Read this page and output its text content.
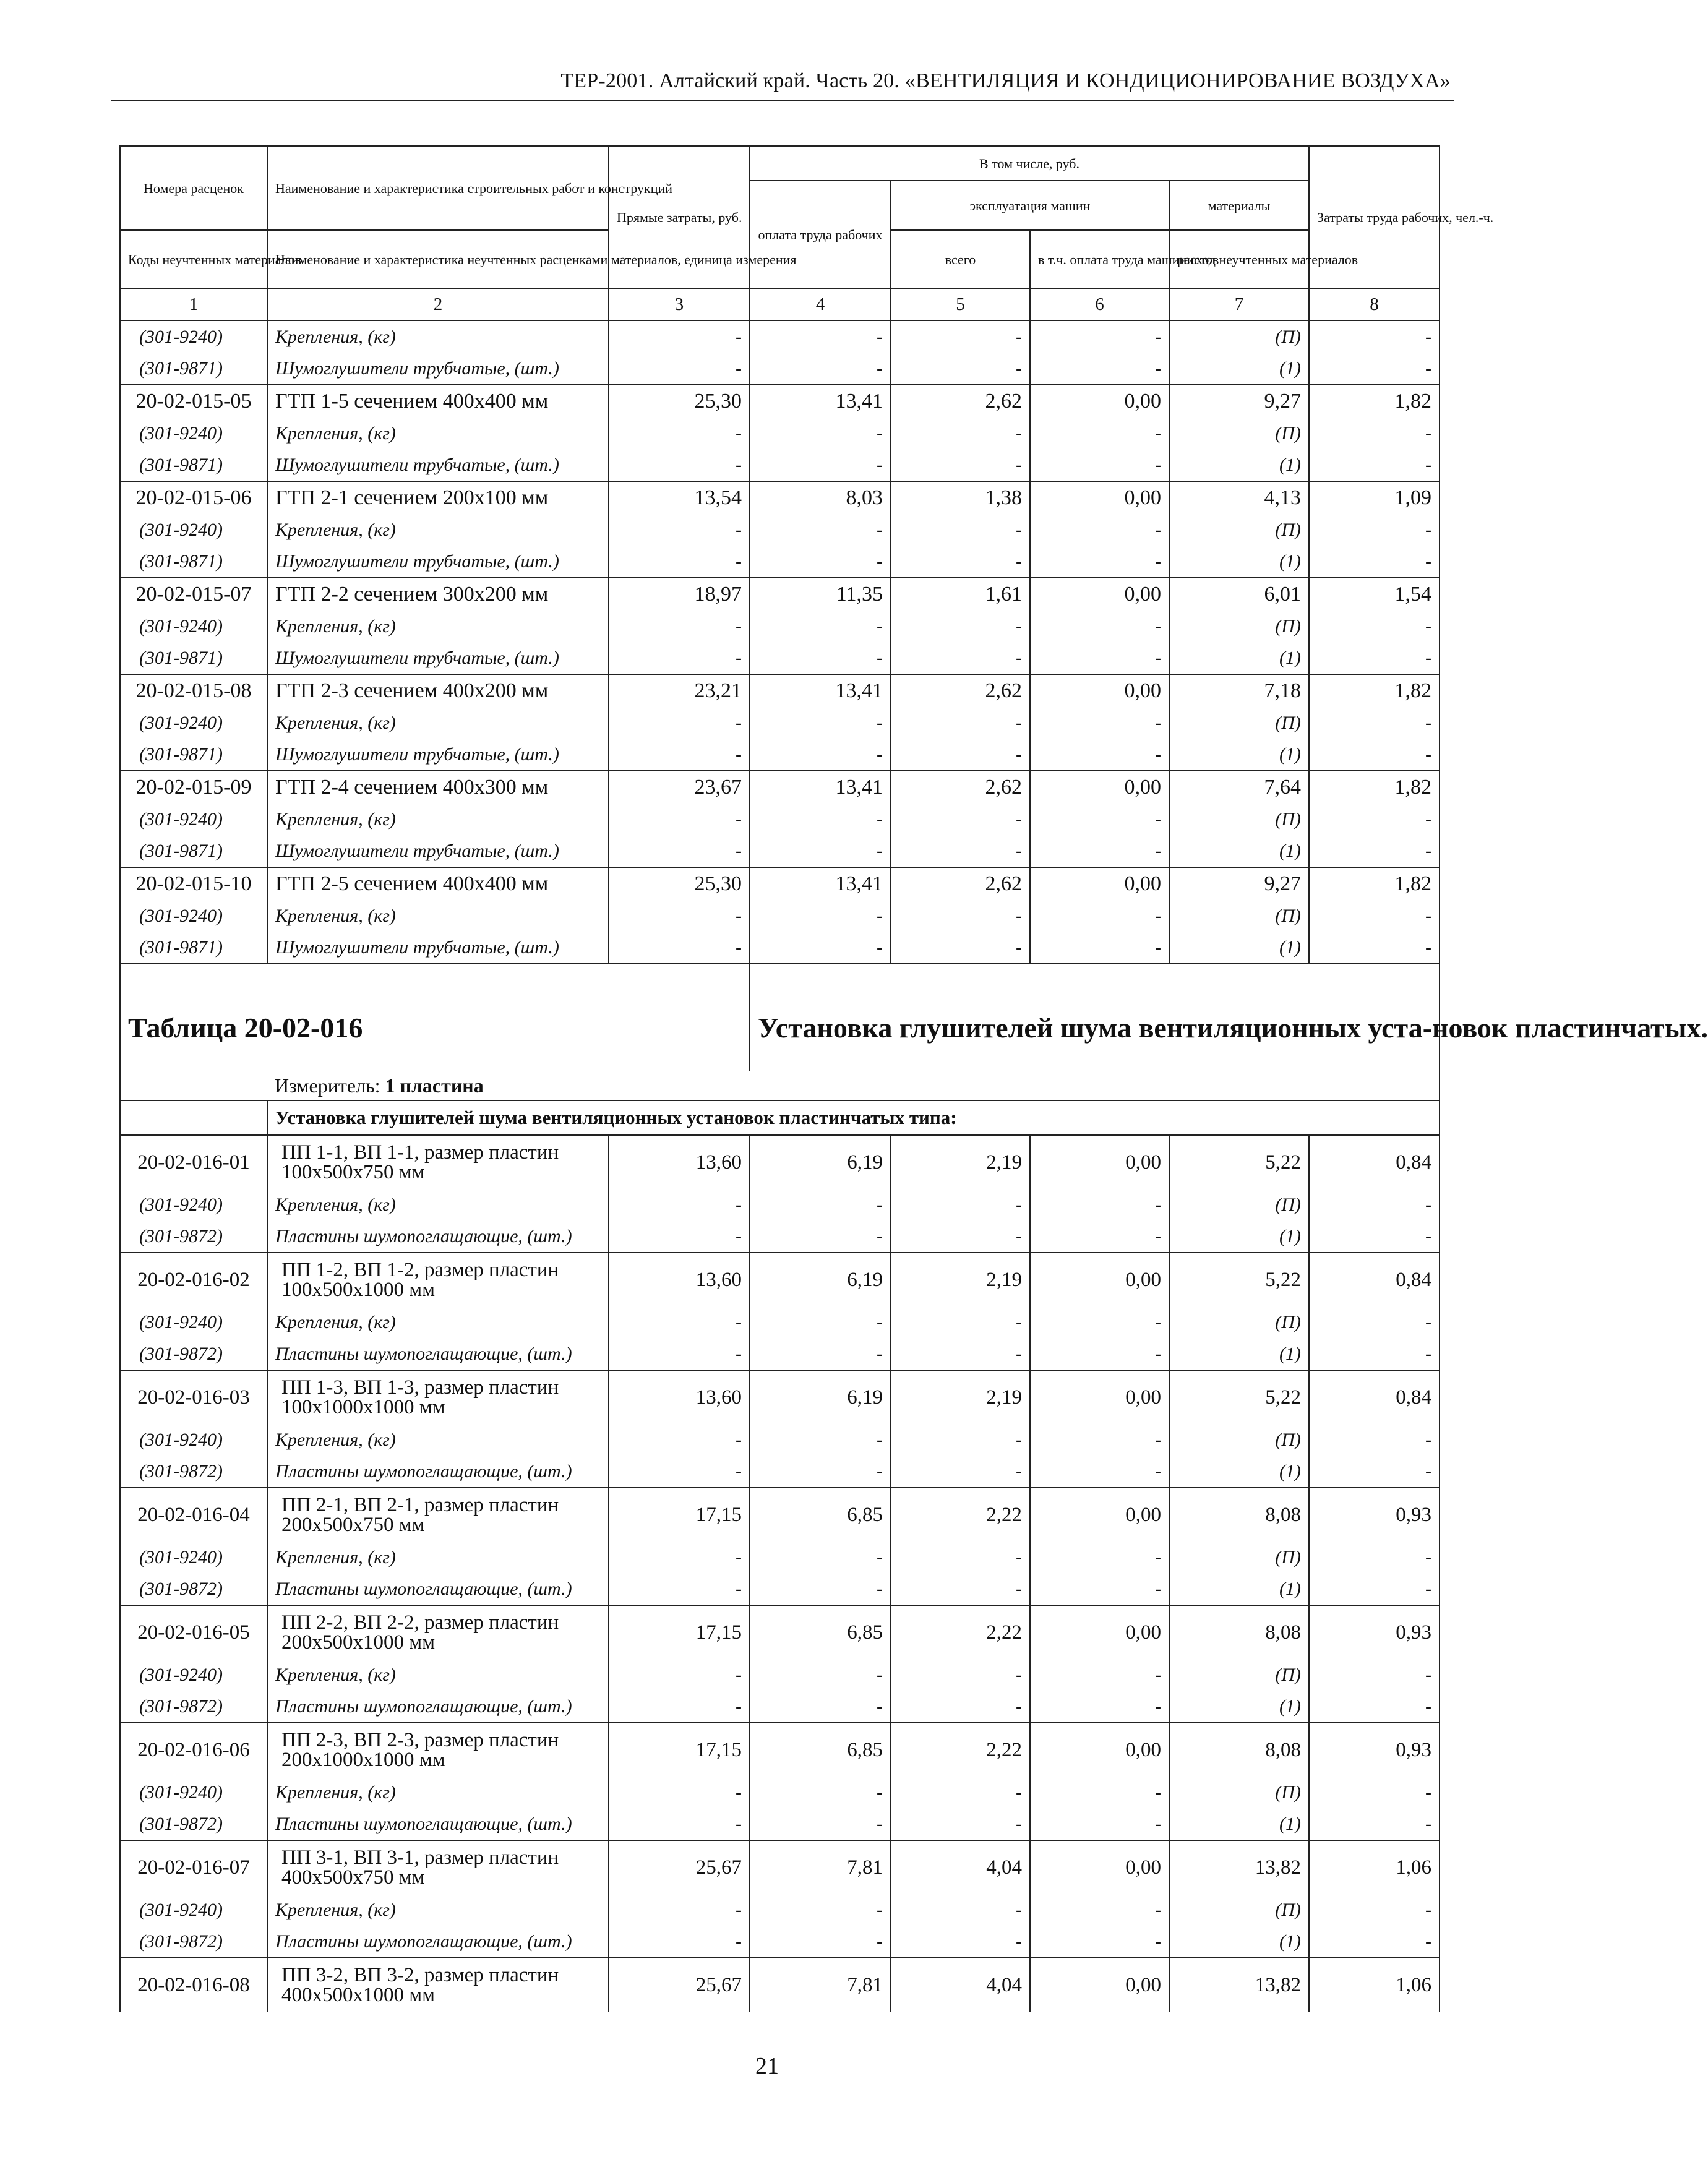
ТЕР-2001. Алтайский край. Часть 20. «ВЕНТИЛЯЦИЯ И КОНДИЦИОНИРОВАНИЕ ВОЗДУХА»
Номера расценок	Наименование и характеристика строительных работ и конструкций	Прямые затраты, руб.	В том числе, руб.				Затраты труда рабочих, чел.-ч.
			оплата труда рабочих	эксплуатация машин		материалы	
Коды неучтенных материалов	Наименование и характеристика неучтенных расценками материалов, единица измерения			всего	в т.ч. оплата труда машинистов	расход неучтенных материалов	
1	2	3	4	5	6	7	8
(301-9240)	Крепления, (кг)	-	-	-	-	(П)	-
(301-9871)	Шумоглушители трубчатые, (шт.)	-	-	-	-	(1)	-
20-02-015-05	ГТП 1-5 сечением 400х400 мм	25,30	13,41	2,62	0,00	9,27	1,82
(301-9240)	Крепления, (кг)	-	-	-	-	(П)	-
(301-9871)	Шумоглушители трубчатые, (шт.)	-	-	-	-	(1)	-
20-02-015-06	ГТП 2-1 сечением 200х100 мм	13,54	8,03	1,38	0,00	4,13	1,09
(301-9240)	Крепления, (кг)	-	-	-	-	(П)	-
(301-9871)	Шумоглушители трубчатые, (шт.)	-	-	-	-	(1)	-
20-02-015-07	ГТП 2-2 сечением 300х200 мм	18,97	11,35	1,61	0,00	6,01	1,54
(301-9240)	Крепления, (кг)	-	-	-	-	(П)	-
(301-9871)	Шумоглушители трубчатые, (шт.)	-	-	-	-	(1)	-
20-02-015-08	ГТП 2-3 сечением 400х200 мм	23,21	13,41	2,62	0,00	7,18	1,82
(301-9240)	Крепления, (кг)	-	-	-	-	(П)	-
(301-9871)	Шумоглушители трубчатые, (шт.)	-	-	-	-	(1)	-
20-02-015-09	ГТП 2-4 сечением 400х300 мм	23,67	13,41	2,62	0,00	7,64	1,82
(301-9240)	Крепления, (кг)	-	-	-	-	(П)	-
(301-9871)	Шумоглушители трубчатые, (шт.)	-	-	-	-	(1)	-
20-02-015-10	ГТП 2-5 сечением 400х400 мм	25,30	13,41	2,62	0,00	9,27	1,82
(301-9240)	Крепления, (кг)	-	-	-	-	(П)	-
(301-9871)	Шумоглушители трубчатые, (шт.)	-	-	-	-	(1)	-
Таблица 20-02-016			Установка глушителей шума вентиляционных уста-новок пластинчатых.				
	Измеритель: 1 пластина						
	Установка глушителей шума вентиляционных установок пластинчатых типа:						
20-02-016-01	ПП 1-1, ВП 1-1, размер пластин 100х500х750 мм	13,60	6,19	2,19	0,00	5,22	0,84
(301-9240)	Крепления, (кг)	-	-	-	-	(П)	-
(301-9872)	Пластины шумопоглащающие, (шт.)	-	-	-	-	(1)	-
20-02-016-02	ПП 1-2, ВП 1-2, размер пластин 100х500х1000 мм	13,60	6,19	2,19	0,00	5,22	0,84
(301-9240)	Крепления, (кг)	-	-	-	-	(П)	-
(301-9872)	Пластины шумопоглащающие, (шт.)	-	-	-	-	(1)	-
20-02-016-03	ПП 1-3, ВП 1-3, размер пластин 100х1000х1000 мм	13,60	6,19	2,19	0,00	5,22	0,84
(301-9240)	Крепления, (кг)	-	-	-	-	(П)	-
(301-9872)	Пластины шумопоглащающие, (шт.)	-	-	-	-	(1)	-
20-02-016-04	ПП 2-1, ВП 2-1, размер пластин 200х500х750 мм	17,15	6,85	2,22	0,00	8,08	0,93
(301-9240)	Крепления, (кг)	-	-	-	-	(П)	-
(301-9872)	Пластины шумопоглащающие, (шт.)	-	-	-	-	(1)	-
20-02-016-05	ПП 2-2, ВП 2-2, размер пластин 200х500х1000 мм	17,15	6,85	2,22	0,00	8,08	0,93
(301-9240)	Крепления, (кг)	-	-	-	-	(П)	-
(301-9872)	Пластины шумопоглащающие, (шт.)	-	-	-	-	(1)	-
20-02-016-06	ПП 2-3, ВП 2-3, размер пластин 200х1000х1000 мм	17,15	6,85	2,22	0,00	8,08	0,93
(301-9240)	Крепления, (кг)	-	-	-	-	(П)	-
(301-9872)	Пластины шумопоглащающие, (шт.)	-	-	-	-	(1)	-
20-02-016-07	ПП 3-1, ВП 3-1, размер пластин 400х500х750 мм	25,67	7,81	4,04	0,00	13,82	1,06
(301-9240)	Крепления, (кг)	-	-	-	-	(П)	-
(301-9872)	Пластины шумопоглащающие, (шт.)	-	-	-	-	(1)	-
20-02-016-08	ПП 3-2, ВП 3-2, размер пластин 400х500х1000 мм	25,67	7,81	4,04	0,00	13,82	1,06
21
